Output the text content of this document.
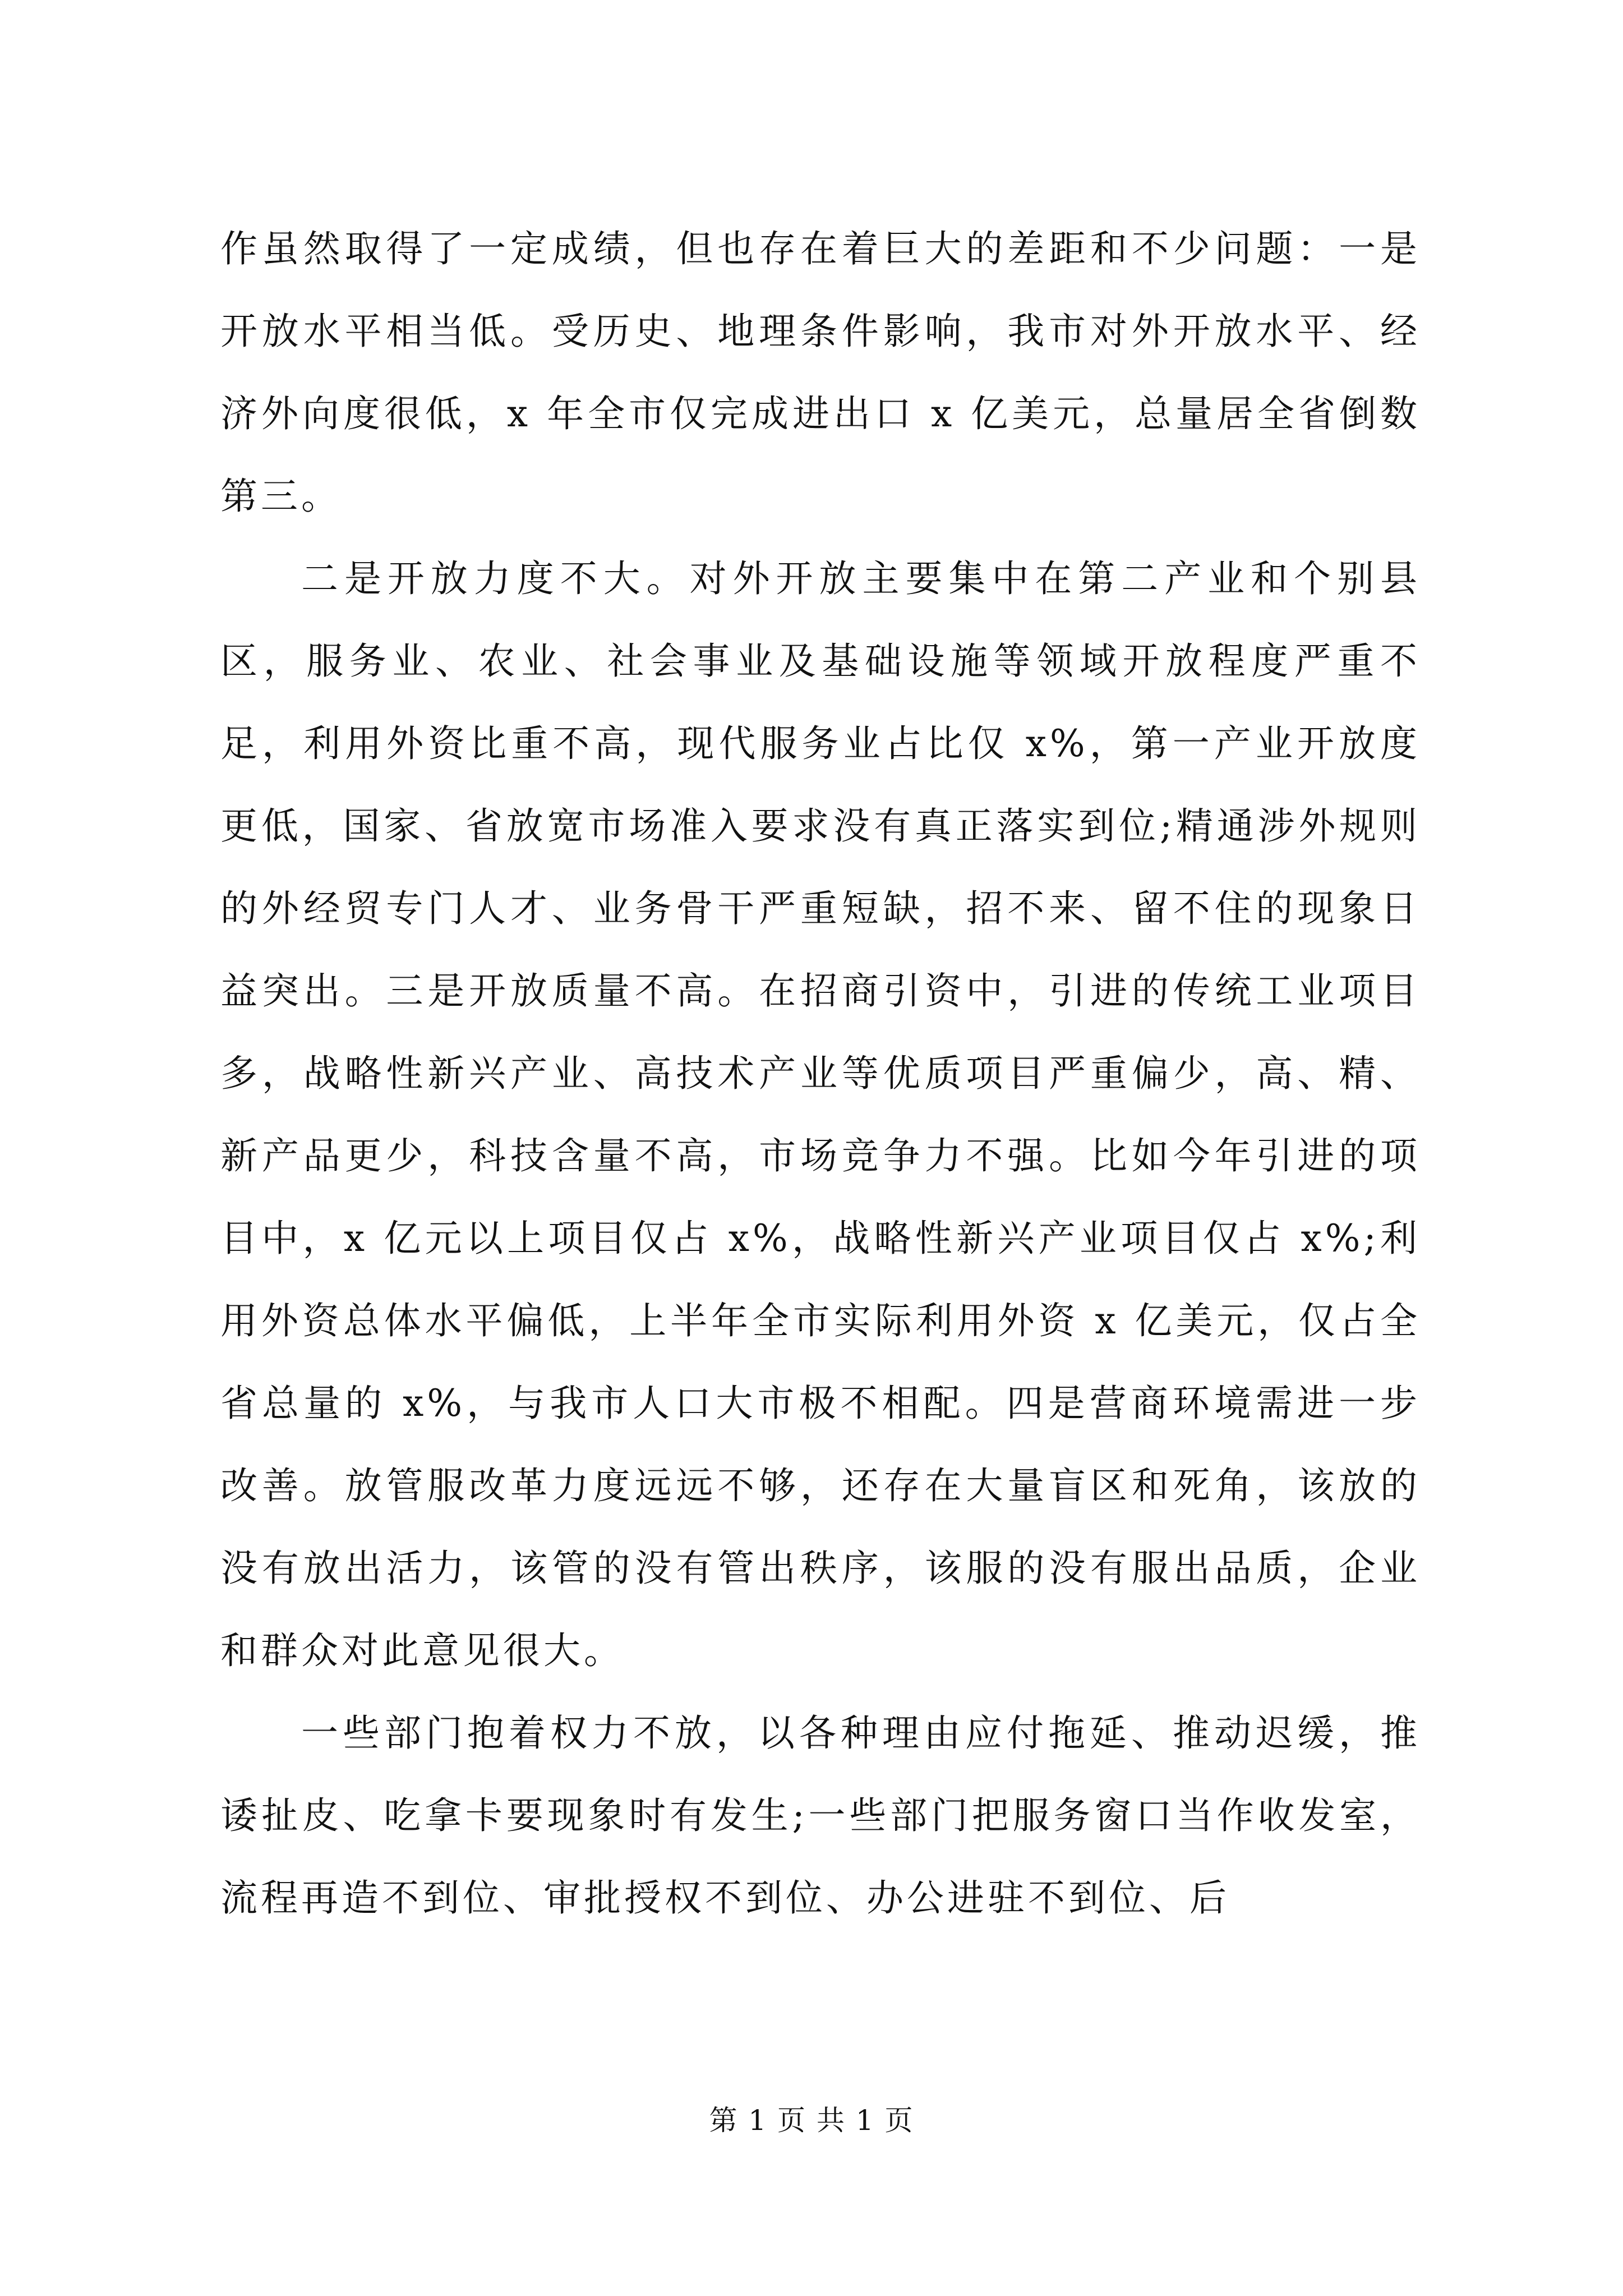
作虽然取得了一定成绩，但也存在着巨大的差距和不少问题：一是开放水平相当低。受历史、地理条件影响，我市对外开放水平、经济外向度很低，x 年全市仅完成进出口 x 亿美元，总量居全省倒数第三。

二是开放力度不大。对外开放主要集中在第二产业和个别县区，服务业、农业、社会事业及基础设施等领域开放程度严重不足，利用外资比重不高，现代服务业占比仅 x%，第一产业开放度更低，国家、省放宽市场准入要求没有真正落实到位;精通涉外规则的外经贸专门人才、业务骨干严重短缺，招不来、留不住的现象日益突出。三是开放质量不高。在招商引资中，引进的传统工业项目多，战略性新兴产业、高技术产业等优质项目严重偏少，高、精、新产品更少，科技含量不高，市场竞争力不强。比如今年引进的项目中，x 亿元以上项目仅占 x%，战略性新兴产业项目仅占 x%;利用外资总体水平偏低，上半年全市实际利用外资 x 亿美元，仅占全省总量的 x%，与我市人口大市极不相配。四是营商环境需进一步改善。放管服改革力度远远不够，还存在大量盲区和死角，该放的没有放出活力，该管的没有管出秩序，该服的没有服出品质，企业和群众对此意见很大。

一些部门抱着权力不放，以各种理由应付拖延、推动迟缓，推诿扯皮、吃拿卡要现象时有发生;一些部门把服务窗口当作收发室，流程再造不到位、审批授权不到位、办公进驻不到位、后

第 1 页 共 1 页
